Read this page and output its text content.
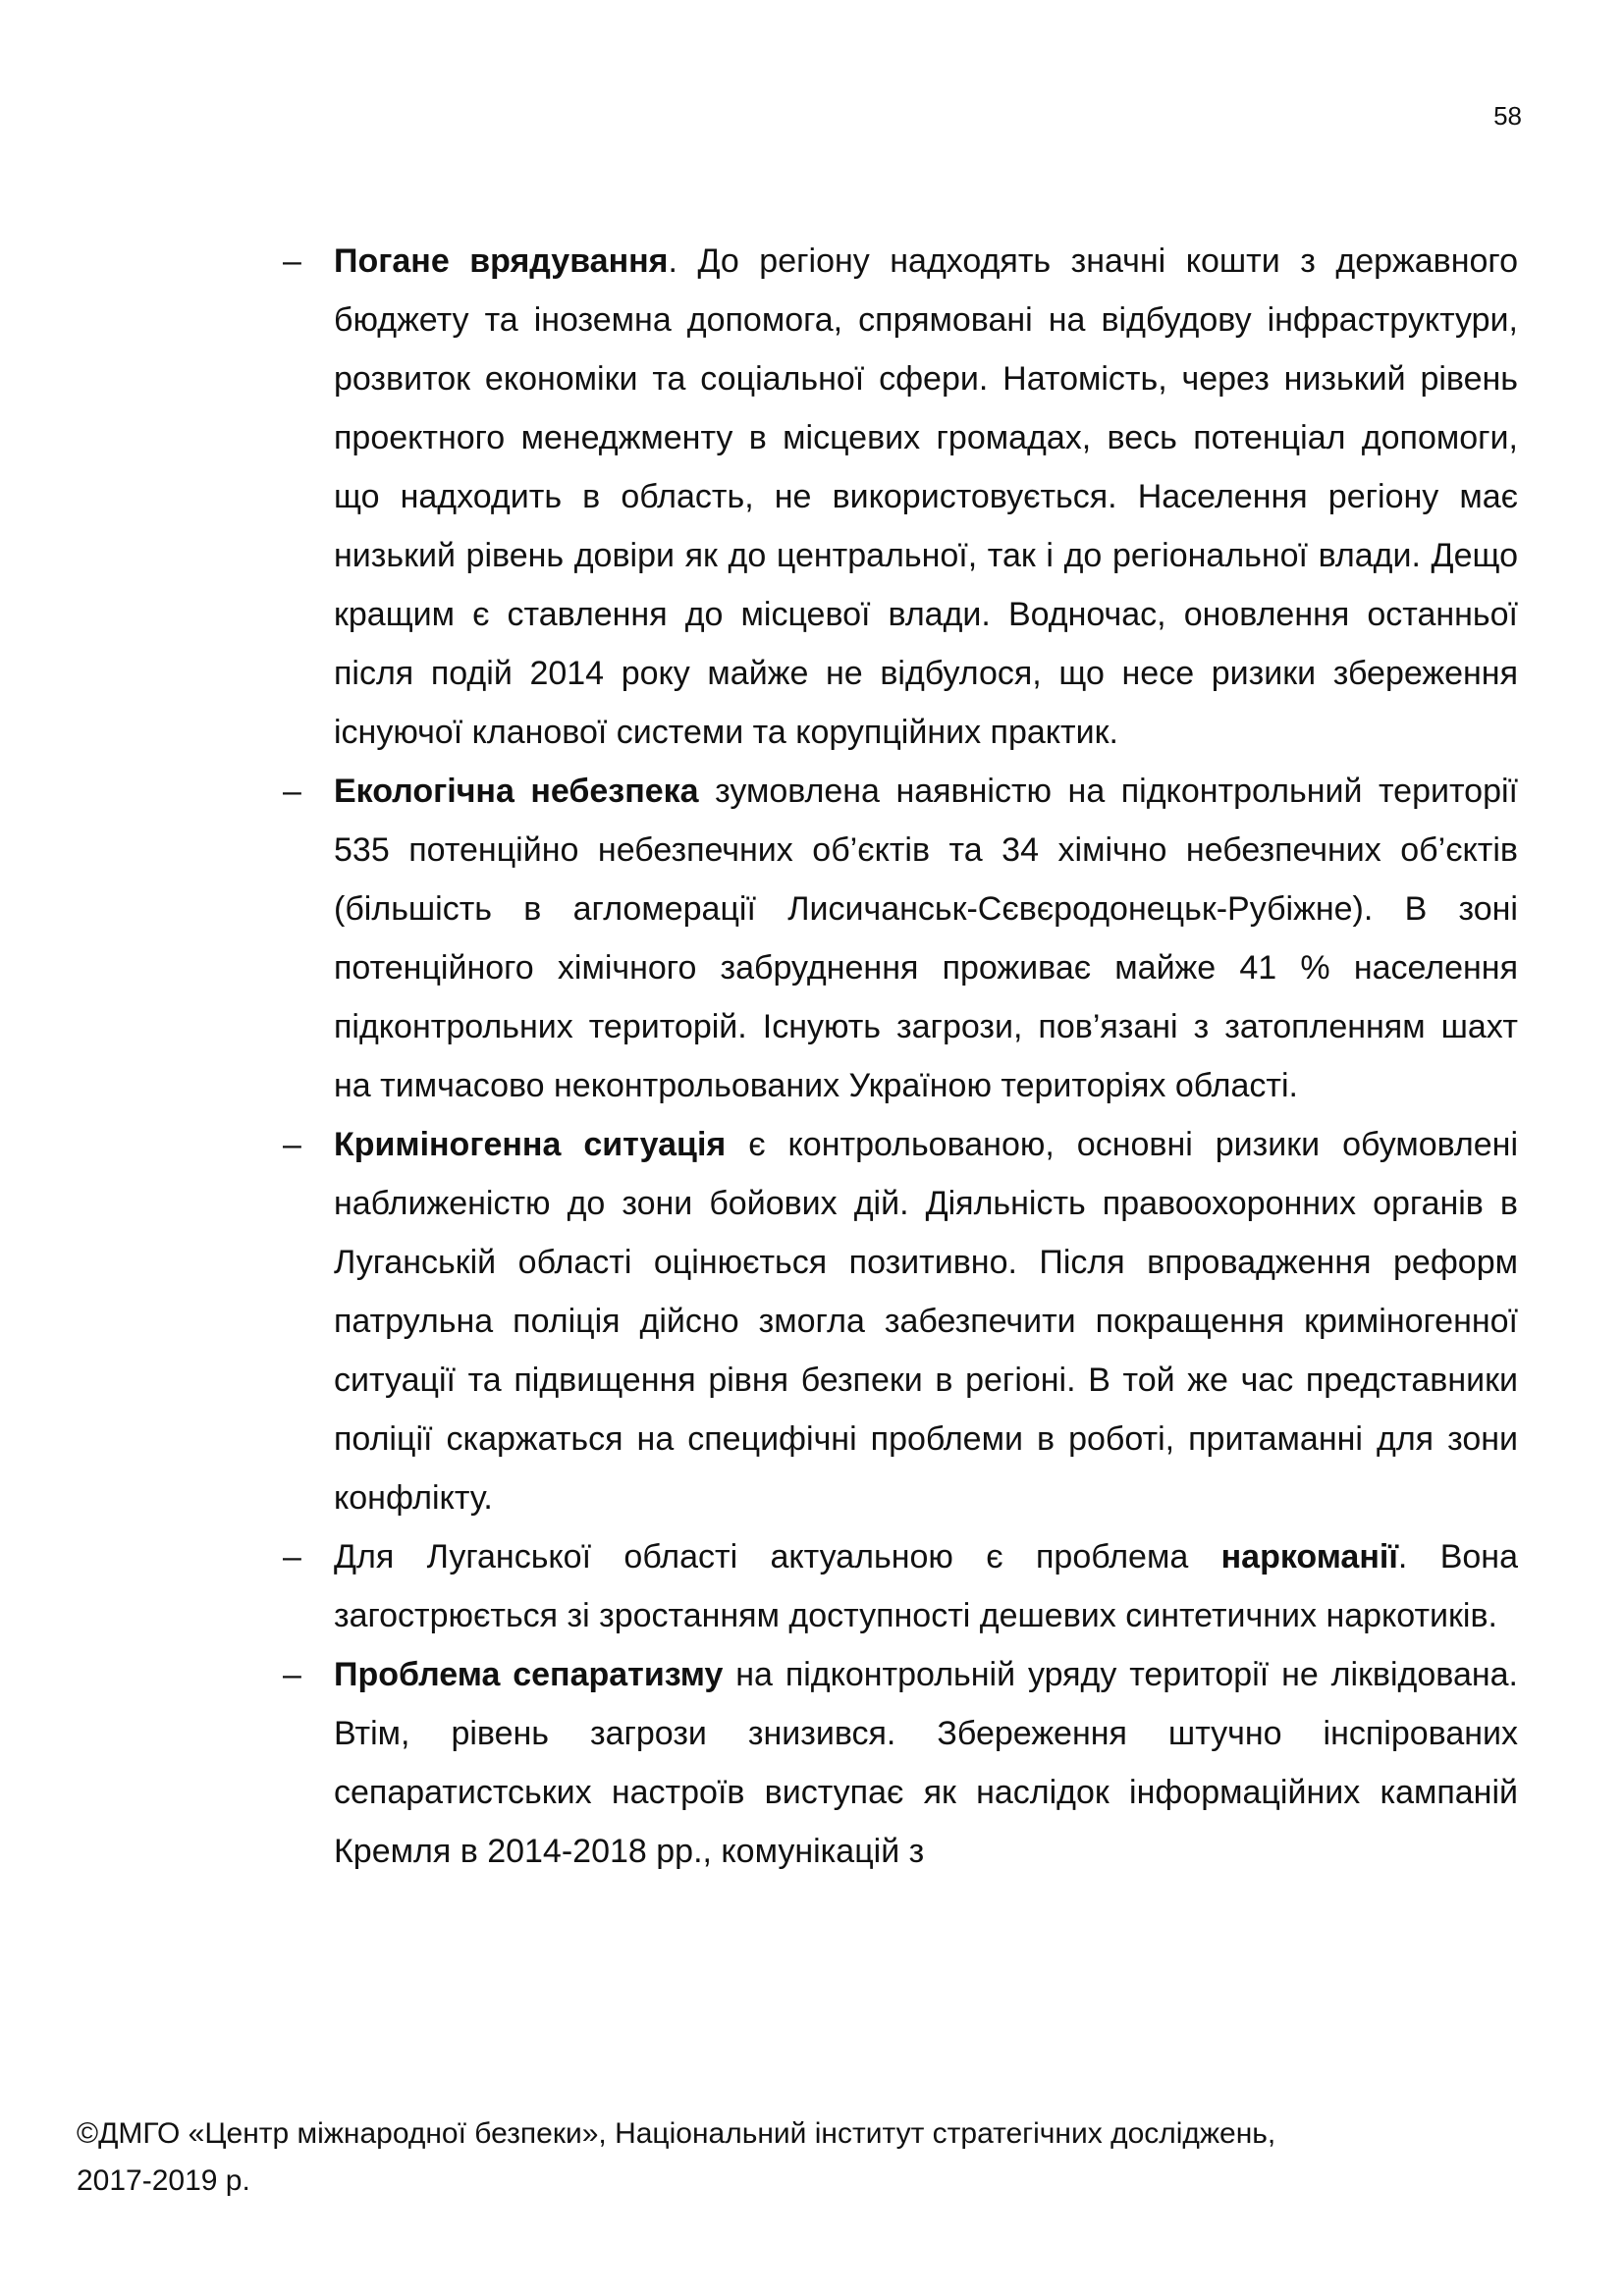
58
– Погане врядування. До регіону надходять значні кошти з державного бюджету та іноземна допомога, спрямовані на відбудову інфраструктури, розвиток економіки та соціальної сфери. Натомість, через низький рівень проектного менеджменту в місцевих громадах, весь потенціал допомоги, що надходить в область, не використовується. Населення регіону має низький рівень довіри як до центральної, так і до регіональної влади. Дещо кращим є ставлення до місцевої влади. Водночас, оновлення останньої після подій 2014 року майже не відбулося, що несе ризики збереження існуючої кланової системи та корупційних практик.
– Екологічна небезпека зумовлена наявністю на підконтрольний території 535 потенційно небезпечних об’єктів та 34 хімічно небезпечних об’єктів (більшість в агломерації Лисичанськ-Сєвєродонецьк-Рубіжне). В зоні потенційного хімічного забруднення проживає майже 41 % населення підконтрольних територій. Існують загрози, пов’язані з затопленням шахт на тимчасово неконтрольованих Україною територіях області.
– Криміногенна ситуація є контрольованою, основні ризики обумовлені наближеністю до зони бойових дій. Діяльність правоохоронних органів в Луганській області оцінюється позитивно. Після впровадження реформ патрульна поліція дійсно змогла забезпечити покращення криміногенної ситуації та підвищення рівня безпеки в регіоні. В той же час представники поліції скаржаться на специфічні проблеми в роботі, притаманні для зони конфлікту.
– Для Луганської області актуальною є проблема наркоманії. Вона загострюється зі зростанням доступності дешевих синтетичних наркотиків.
– Проблема сепаратизму на підконтрольній уряду території не ліквідована. Втім, рівень загрози знизився. Збереження штучно інспірованих сепаратистських настроїв виступає як наслідок інформаційних кампаній Кремля в 2014-2018 рр., комунікацій з
©ДМГО «Центр міжнародної безпеки», Національний інститут стратегічних досліджень,
2017-2019 р.
